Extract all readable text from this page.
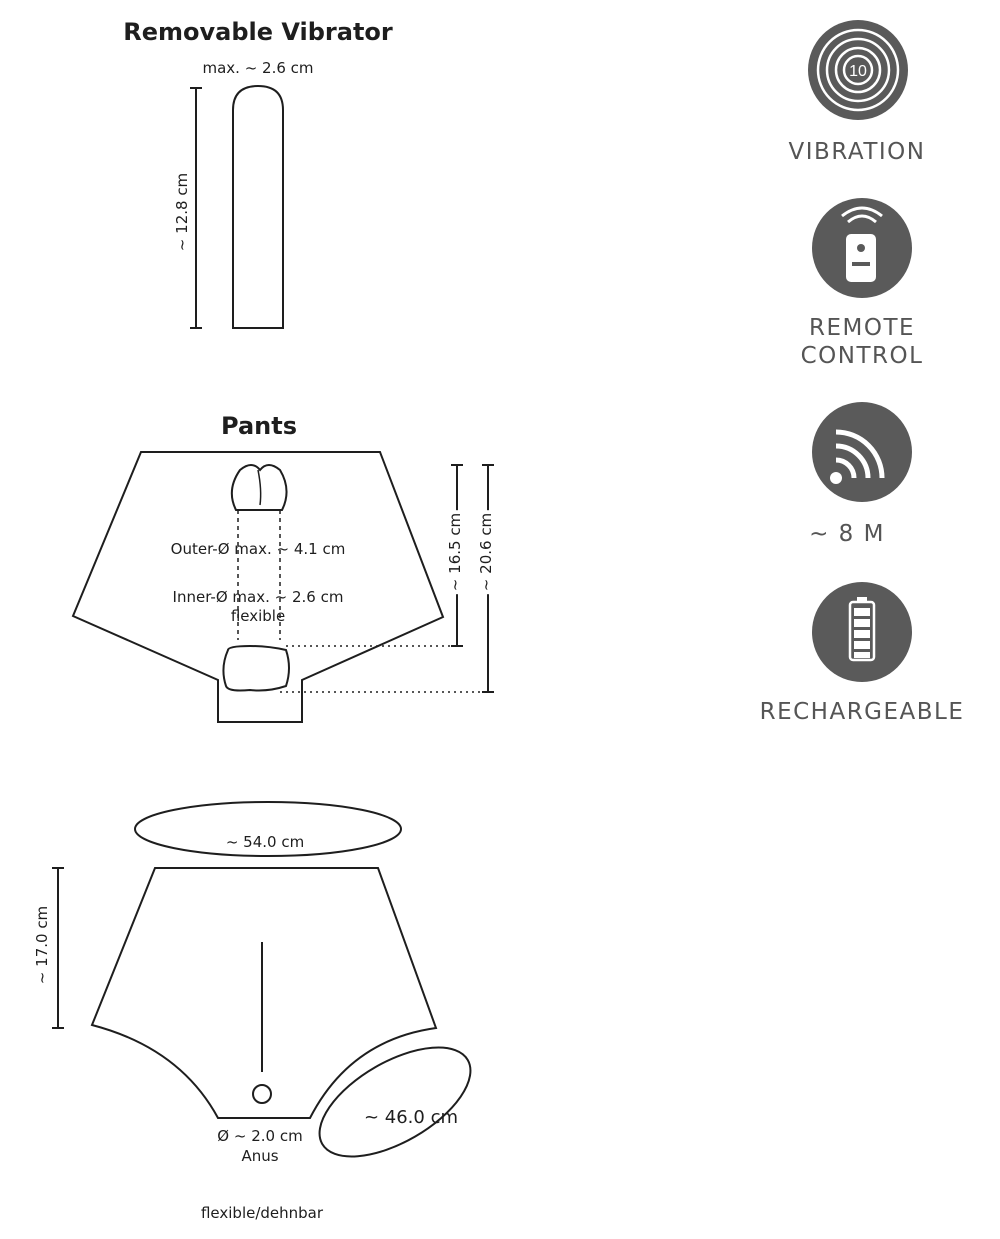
10
Removable Vibrator
max. ~ 2.6 cm
~ 12.8 cm
Pants
Outer-Ø max. ~ 4.1 cm
Inner-Ø max. ~ 2.6 cm
flexible
~ 16.5 cm ~ 20.6 cm
~ 54.0 cm
~ 17.0 cm
~ 46.0 cm
Ø ~ 2.0 cm
Anus
flexible/dehnbar
VIBRATION
REMOTE
CONTROL
~ 8 M
RECHARGEABLE
